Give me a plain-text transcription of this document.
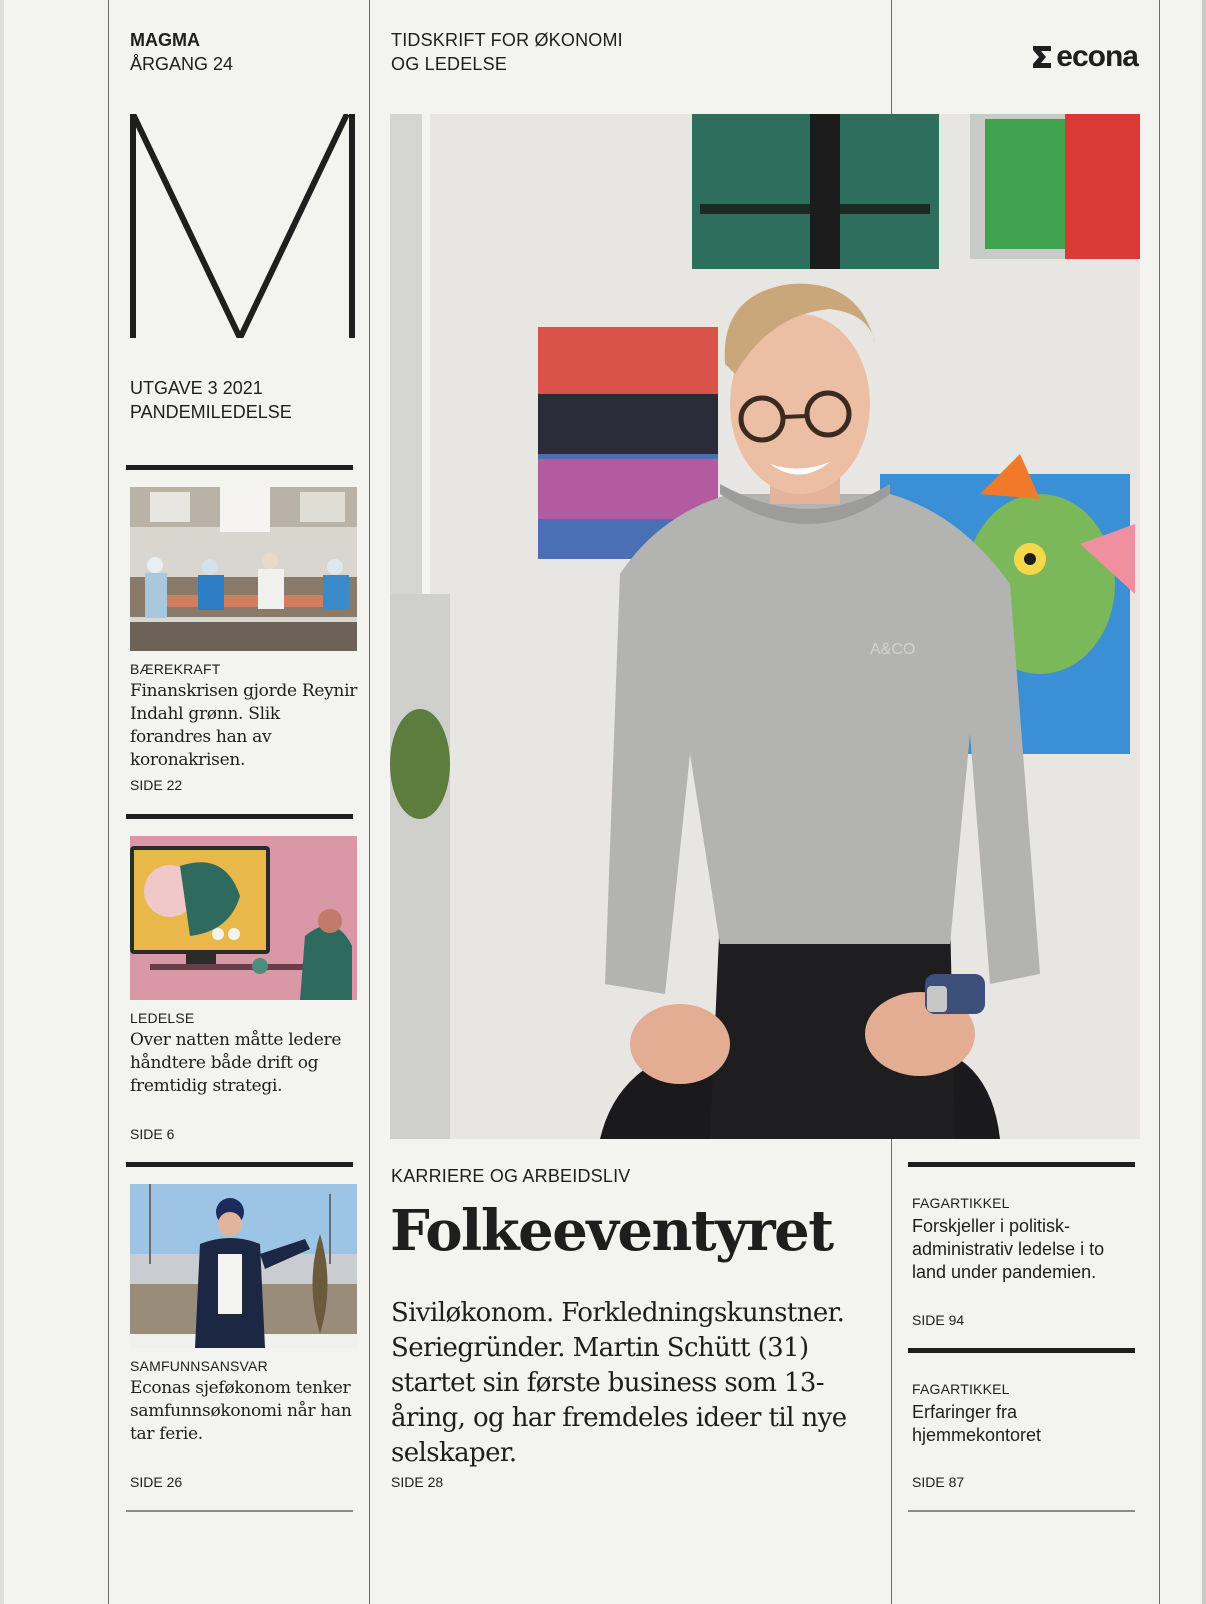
MAGMA
ÅRGANG 24
TIDSKRIFT FOR ØKONOMI
OG LEDELSE	econa
UTGAVE 3 2021
PANDEMILEDELSE
BÆREKRAFT
Finanskrisen gjorde Reynir Indahl grønn. Slik forandres han av koronakrisen.
SIDE 22
LEDELSE
Over natten måtte ledere håndtere både drift og fremtidig strategi.
SIDE 6
SAMFUNNSANSVAR
Econas sjeføkonom tenker samfunnsøkonomi når han tar ferie.
SIDE 26
A&CO
KARRIERE OG ARBEIDSLIV
Folkeeventyret
Siviløkonom. Forkledningskunstner. Seriegründer. Martin Schütt (31) startet sin første business som 13-åring, og har fremdeles ideer til nye selskaper.
SIDE 28
FAGARTIKKEL
Forskjeller i politisk-administrativ ledelse i to land under pandemien.
SIDE 94
FAGARTIKKEL
Erfaringer fra hjemmekontoret
SIDE 87
